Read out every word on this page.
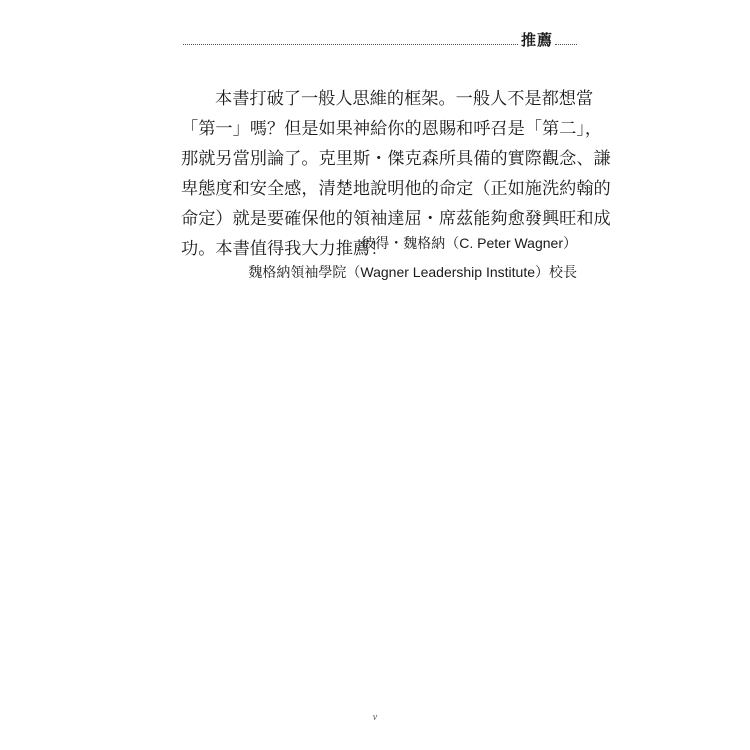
推薦

本書打破了一般人思維的框架。一般人不是都想當
「第一」嗎？但是如果神給你的恩賜和呼召是「第二」，
那就另當別論了。克里斯・傑克森所具備的實際觀念、謙
卑態度和安全感，清楚地說明他的命定（正如施洗約翰的
命定）就是要確保他的領袖達屈・席茲能夠愈發興旺和成
功。本書值得我大力推薦！

彼得・魏格納（C. Peter Wagner）
魏格納領袖學院（Wagner Leadership Institute）校長
v
